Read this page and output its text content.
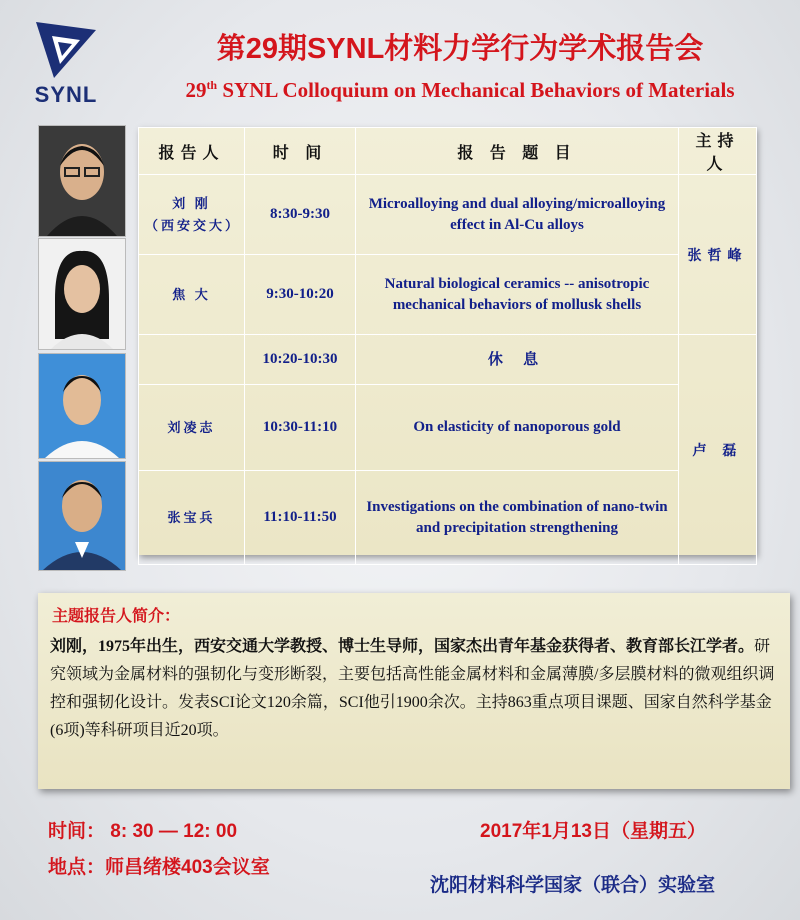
SYNL
第29期SYNL材料力学行为学术报告会
29th SYNL Colloquium on Mechanical Behaviors of Materials
报告人	时 间	报 告 题 目	主持人
刘 刚
（西安交大）	8:30-9:30	Microalloying and dual alloying/microalloying effect in Al-Cu alloys	张哲峰
焦 大	9:30-10:20	Natural biological ceramics -- anisotropic mechanical behaviors of mollusk shells	
	10:20-10:30	休 息	卢 磊
刘凌志	10:30-11:10	On elasticity of nanoporous gold	
张宝兵	11:10-11:50	Investigations on the combination of nano-twin and precipitation strengthening	
主题报告人简介：
刘刚，1975年出生，西安交通大学教授、博士生导师，国家杰出青年基金获得者、教育部长江学者。研究领域为金属材料的强韧化与变形断裂，主要包括高性能金属材料和金属薄膜/多层膜材料的微观组织调控和强韧化设计。发表SCI论文120余篇，SCI他引1900余次。主持863重点项目课题、国家自然科学基金(6项)等科研项目近20项。
时间： 8: 30 — 12: 00
地点：师昌绪楼403会议室
2017年1月13日（星期五）
沈阳材料科学国家（联合）实验室
